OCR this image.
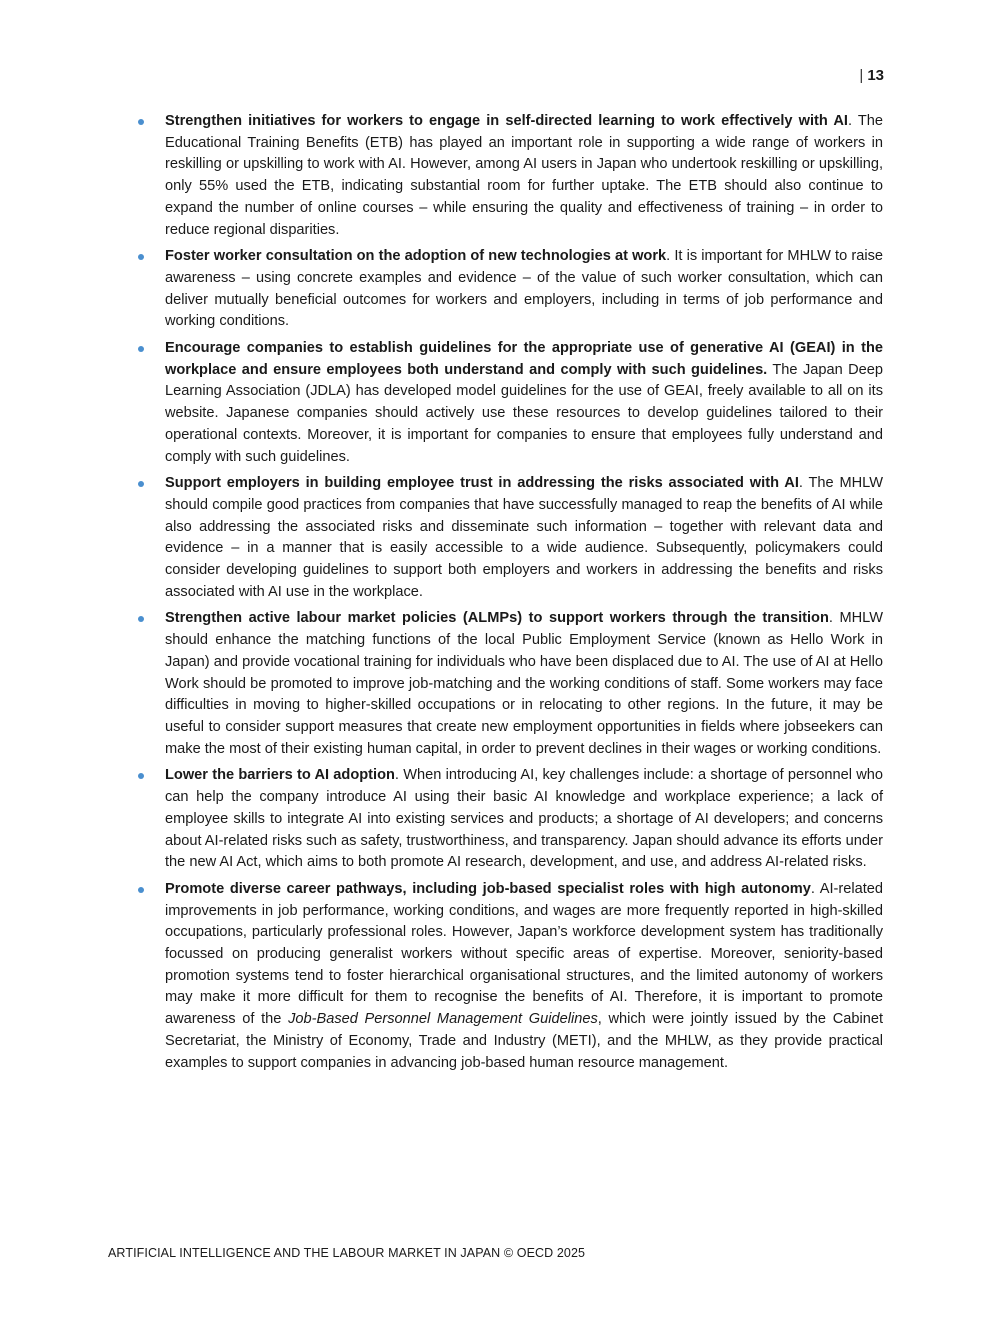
| 13
Strengthen initiatives for workers to engage in self-directed learning to work effectively with AI. The Educational Training Benefits (ETB) has played an important role in supporting a wide range of workers in reskilling or upskilling to work with AI. However, among AI users in Japan who undertook reskilling or upskilling, only 55% used the ETB, indicating substantial room for further uptake. The ETB should also continue to expand the number of online courses – while ensuring the quality and effectiveness of training – in order to reduce regional disparities.
Foster worker consultation on the adoption of new technologies at work. It is important for MHLW to raise awareness – using concrete examples and evidence – of the value of such worker consultation, which can deliver mutually beneficial outcomes for workers and employers, including in terms of job performance and working conditions.
Encourage companies to establish guidelines for the appropriate use of generative AI (GEAI) in the workplace and ensure employees both understand and comply with such guidelines. The Japan Deep Learning Association (JDLA) has developed model guidelines for the use of GEAI, freely available to all on its website. Japanese companies should actively use these resources to develop guidelines tailored to their operational contexts. Moreover, it is important for companies to ensure that employees fully understand and comply with such guidelines.
Support employers in building employee trust in addressing the risks associated with AI. The MHLW should compile good practices from companies that have successfully managed to reap the benefits of AI while also addressing the associated risks and disseminate such information – together with relevant data and evidence – in a manner that is easily accessible to a wide audience. Subsequently, policymakers could consider developing guidelines to support both employers and workers in addressing the benefits and risks associated with AI use in the workplace.
Strengthen active labour market policies (ALMPs) to support workers through the transition. MHLW should enhance the matching functions of the local Public Employment Service (known as Hello Work in Japan) and provide vocational training for individuals who have been displaced due to AI. The use of AI at Hello Work should be promoted to improve job-matching and the working conditions of staff. Some workers may face difficulties in moving to higher-skilled occupations or in relocating to other regions. In the future, it may be useful to consider support measures that create new employment opportunities in fields where jobseekers can make the most of their existing human capital, in order to prevent declines in their wages or working conditions.
Lower the barriers to AI adoption. When introducing AI, key challenges include: a shortage of personnel who can help the company introduce AI using their basic AI knowledge and workplace experience; a lack of employee skills to integrate AI into existing services and products; a shortage of AI developers; and concerns about AI-related risks such as safety, trustworthiness, and transparency. Japan should advance its efforts under the new AI Act, which aims to both promote AI research, development, and use, and address AI-related risks.
Promote diverse career pathways, including job-based specialist roles with high autonomy. AI-related improvements in job performance, working conditions, and wages are more frequently reported in high-skilled occupations, particularly professional roles. However, Japan’s workforce development system has traditionally focussed on producing generalist workers without specific areas of expertise. Moreover, seniority-based promotion systems tend to foster hierarchical organisational structures, and the limited autonomy of workers may make it more difficult for them to recognise the benefits of AI. Therefore, it is important to promote awareness of the Job-Based Personnel Management Guidelines, which were jointly issued by the Cabinet Secretariat, the Ministry of Economy, Trade and Industry (METI), and the MHLW, as they provide practical examples to support companies in advancing job-based human resource management.
ARTIFICIAL INTELLIGENCE AND THE LABOUR MARKET IN JAPAN © OECD 2025
